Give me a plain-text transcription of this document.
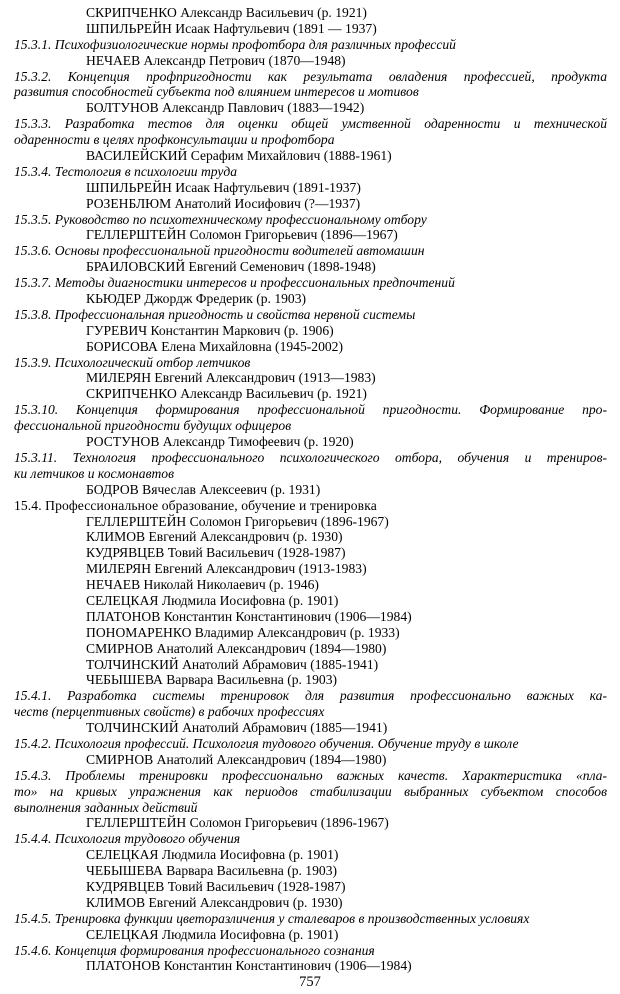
СКРИПЧЕНКО Александр Васильевич (р. 1921)
ШПИЛЬРЕЙН Исаак Нафтульевич (1891 — 1937)
15.3.1. Психофизиологические нормы профотбора для различных профессий
НЕЧАЕВ Александр Петрович (1870—1948)
15.3.2. Концепция профпригодности как результата овладения профессией, продукта
развития способностей субъекта под влиянием интересов и мотивов
БОЛТУНОВ Александр Павлович (1883—1942)
15.3.3. Разработка тестов для оценки общей умственной одаренности и технической
одаренности в целях профконсультации и профотбора
ВАСИЛЕЙСКИЙ Серафим Михайлович (1888-1961)
15.3.4. Тестология в психологии труда
ШПИЛЬРЕЙН Исаак Нафтульевич (1891-1937)
РОЗЕНБЛЮМ Анатолий Иосифович (?—1937)
15.3.5. Руководство по психотехническому профессиональному отбору
ГЕЛЛЕРШТЕЙН Соломон Григорьевич (1896—1967)
15.3.6. Основы профессиональной пригодности водителей автомашин
БРАИЛОВСКИЙ Евгений Семенович (1898-1948)
15.3.7. Методы диагностики интересов и профессиональных предпочтений
КЬЮДЕР Джордж Фредерик (р. 1903)
15.3.8. Профессиональная пригодность и свойства нервной системы
ГУРЕВИЧ Константин Маркович (р. 1906)
БОРИСОВА Елена Михайловна (1945-2002)
15.3.9. Психологический отбор летчиков
МИЛЕРЯН Евгений Александрович (1913—1983)
СКРИПЧЕНКО Александр Васильевич (р. 1921)
15.3.10. Концепция формирования профессиональной пригодности. Формирование про-
фессиональной пригодности будущих офицеров
РОСТУНОВ Александр Тимофеевич (р. 1920)
15.3.11. Технология профессионального психологического отбора, обучения и трениров-
ки летчиков и космонавтов
БОДРОВ Вячеслав Алексеевич (р. 1931)
15.4. Профессиональное образование, обучение и тренировка
ГЕЛЛЕРШТЕЙН Соломон Григорьевич (1896-1967)
КЛИМОВ Евгений Александрович (р. 1930)
КУДРЯВЦЕВ Товий Васильевич (1928-1987)
МИЛЕРЯН Евгений Александрович (1913-1983)
НЕЧАЕВ Николай Николаевич (р. 1946)
СЕЛЕЦКАЯ Людмила Иосифовна (р. 1901)
ПЛАТОНОВ Константин Константинович (1906—1984)
ПОНОМАРЕНКО Владимир Александрович (р. 1933)
СМИРНОВ Анатолий Александрович (1894—1980)
ТОЛЧИНСКИЙ Анатолий Абрамович (1885-1941)
ЧЕБЫШЕВА Варвара Васильевна (р. 1903)
15.4.1. Разработка системы тренировок для развития профессионально важных ка-
честв (перцептивных свойств) в рабочих профессиях
ТОЛЧИНСКИЙ Анатолий Абрамович (1885—1941)
15.4.2. Психология профессий. Психология тудового обучения. Обучение труду в школе
СМИРНОВ Анатолий Александрович (1894—1980)
15.4.3. Проблемы тренировки профессионально важных качеств. Характеристика «пла-
то» на кривых упражнения как периодов стабилизации выбранных субъектом способов
выполнения заданных действий
ГЕЛЛЕРШТЕЙН Соломон Григорьевич (1896-1967)
15.4.4. Психология трудового обучения
СЕЛЕЦКАЯ Людмила Иосифовна (р. 1901)
ЧЕБЫШЕВА Варвара Васильевна (р. 1903)
КУДРЯВЦЕВ Товий Васильевич (1928-1987)
КЛИМОВ Евгений Александрович (р. 1930)
15.4.5. Тренировка функции цветоразличения у сталеваров в производственных условиях
СЕЛЕЦКАЯ Людмила Иосифовна (р. 1901)
15.4.6. Концепция формирования профессионального сознания
ПЛАТОНОВ Константин Константинович (1906—1984)
757
